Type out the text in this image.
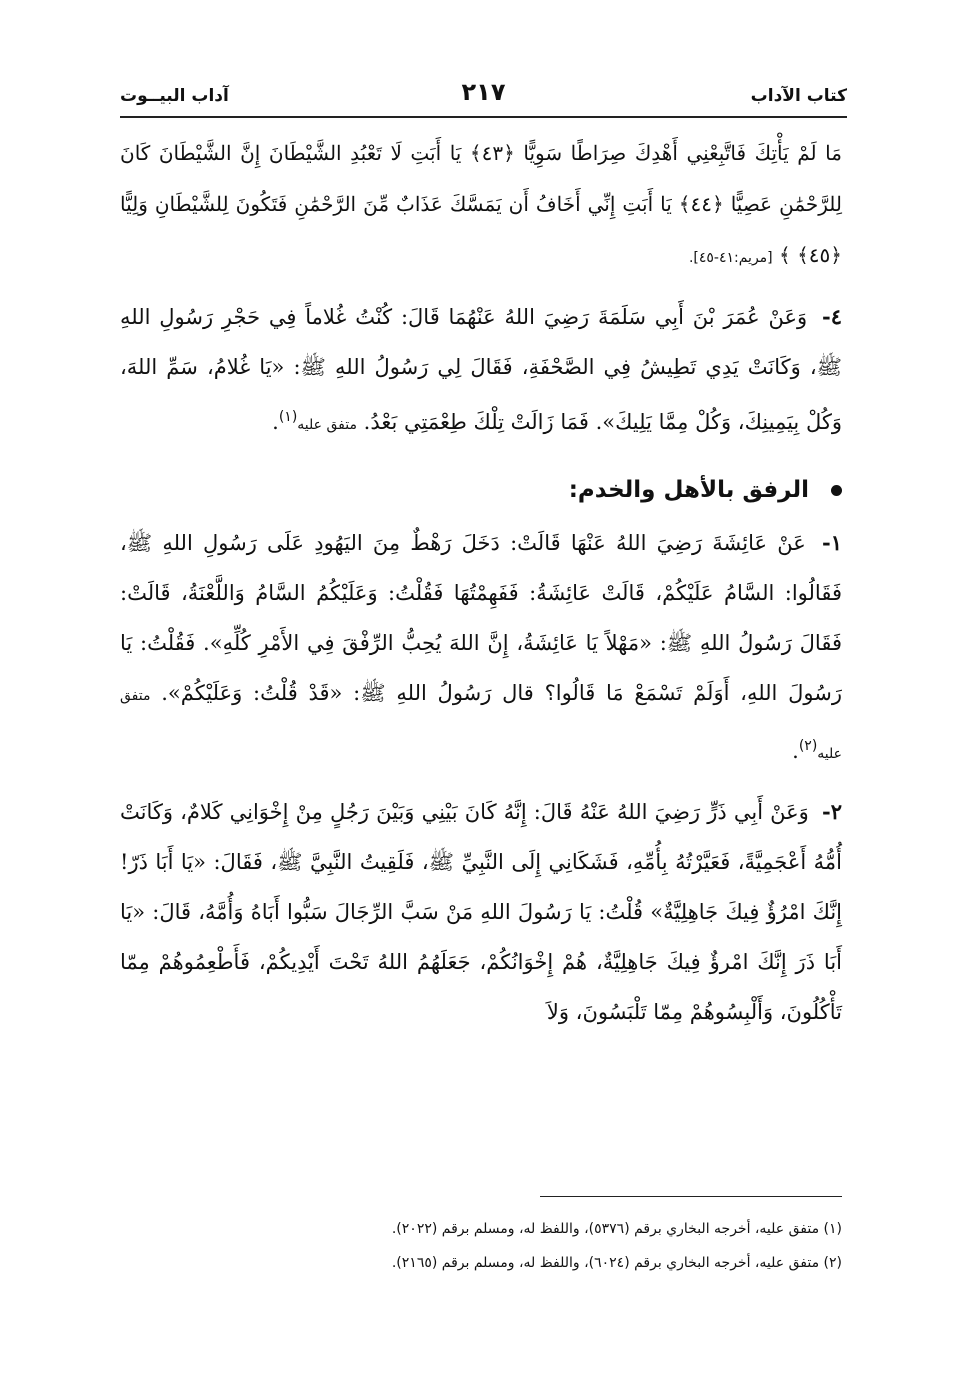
كتاب الآداب
٢١٧
آداب البيــوت

مَا لَمْ يَأْتِكَ فَاتَّبِعْنِي أَهْدِكَ صِرَاطًا سَوِيًّا ﴿٤٣﴾ يَا أَبَتِ لَا تَعْبُدِ الشَّيْطَانَ إِنَّ الشَّيْطَانَ كَانَ لِلرَّحْمَٰنِ عَصِيًّا ﴿٤٤﴾ يَا أَبَتِ إِنِّي أَخَافُ أَن يَمَسَّكَ عَذَابٌ مِّنَ الرَّحْمَٰنِ فَتَكُونَ لِلشَّيْطَانِ وَلِيًّا ﴿٤٥﴾ ﴾ [مريم:٤١-٤٥].

٤- وَعَنْ عُمَرَ بْنَ أَبِي سَلَمَةَ رَضِيَ اللهُ عَنْهُمَا قَالَ: كُنْتُ غُلاماً فِي حَجْرِ رَسُولِ اللهِ ﷺ، وَكَانَتْ يَدِي تَطِيشُ فِي الصَّحْفَةِ، فَقَالَ لِي رَسُولُ اللهِ ﷺ: «يَا غُلامُ، سَمِّ اللهَ، وَكُلْ بِيَمِينِكَ، وَكُلْ مِمَّا يَلِيكَ». فَمَا زَالَتْ تِلْكَ طِعْمَتِي بَعْدُ. متفق عليه$^{(١)}$.

الرفق بالأهل والخدم:

١- عَنْ عَائِشَةَ رَضِيَ اللهُ عَنْهَا قَالَتْ: دَخَلَ رَهْطٌ مِنَ اليَهُودِ عَلَى رَسُولِ اللهِ ﷺ، فَقَالُوا: السَّامُ عَلَيْكُمْ، قَالَتْ عَائِشَةُ: فَفَهِمْتُهَا فَقُلْتُ: وَعَلَيْكُمُ السَّامُ وَاللَّعْنَةُ، قَالَتْ: فَقَالَ رَسُولُ اللهِ ﷺ: «مَهْلاً يَا عَائِشَةُ، إِنَّ اللهَ يُحِبُّ الرِّفْقَ فِي الأَمْرِ كُلِّهِ». فَقُلْتُ: يَا رَسُولَ اللهِ، أَوَلَمْ تَسْمَعْ مَا قَالُوا؟ قال رَسُولُ اللهِ ﷺ: «قَدْ قُلْتُ: وَعَلَيْكُمْ». متفق عليه$^{(٢)}$.

٢- وَعَنْ أَبِي ذَرٍّ رَضِيَ اللهُ عَنْهُ قَالَ: إِنَّهُ كَانَ بَيْنِي وَبَيْنَ رَجُلٍ مِنْ إِخْوَانِي كَلامٌ، وَكَانَتْ أُمُّهُ أَعْجَمِيَّةً، فَعَيَّرْتُهُ بِأُمِّهِ، فَشَكَانِي إِلَى النَّبِيِّ ﷺ، فَلَقِيتُ النَّبِيَّ ﷺ، فَقَالَ: «يَا أَبَا ذَرّ! إِنَّكَ امْرُؤٌ فِيكَ جَاهِلِيَّةٌ» قُلْتُ: يَا رَسُولَ اللهِ مَنْ سَبَّ الرِّجَالَ سَبُّوا أَبَاهُ وَأُمَّهُ، قَالَ: «يَا أَبَا ذَرَ إِنَّكَ امْرؤٌ فِيكَ جَاهِلِيَّةٌ، هُمْ إِخْوَانُكُمْ، جَعَلَهُمُ اللهُ تَحْتَ أَيْدِيكُمْ، فَأَطْعِمُوهُمْ مِمّا تَأْكُلُونَ، وَأَلْبِسُوهُمْ مِمّا تَلْبَسُونَ، وَلاَ

(١) متفق عليه، أخرجه البخاري برقم (٥٣٧٦)، واللفظ له، ومسلم برقم (٢٠٢٢).

(٢) متفق عليه، أخرجه البخاري برقم (٦٠٢٤)، واللفظ له، ومسلم برقم (٢١٦٥).
